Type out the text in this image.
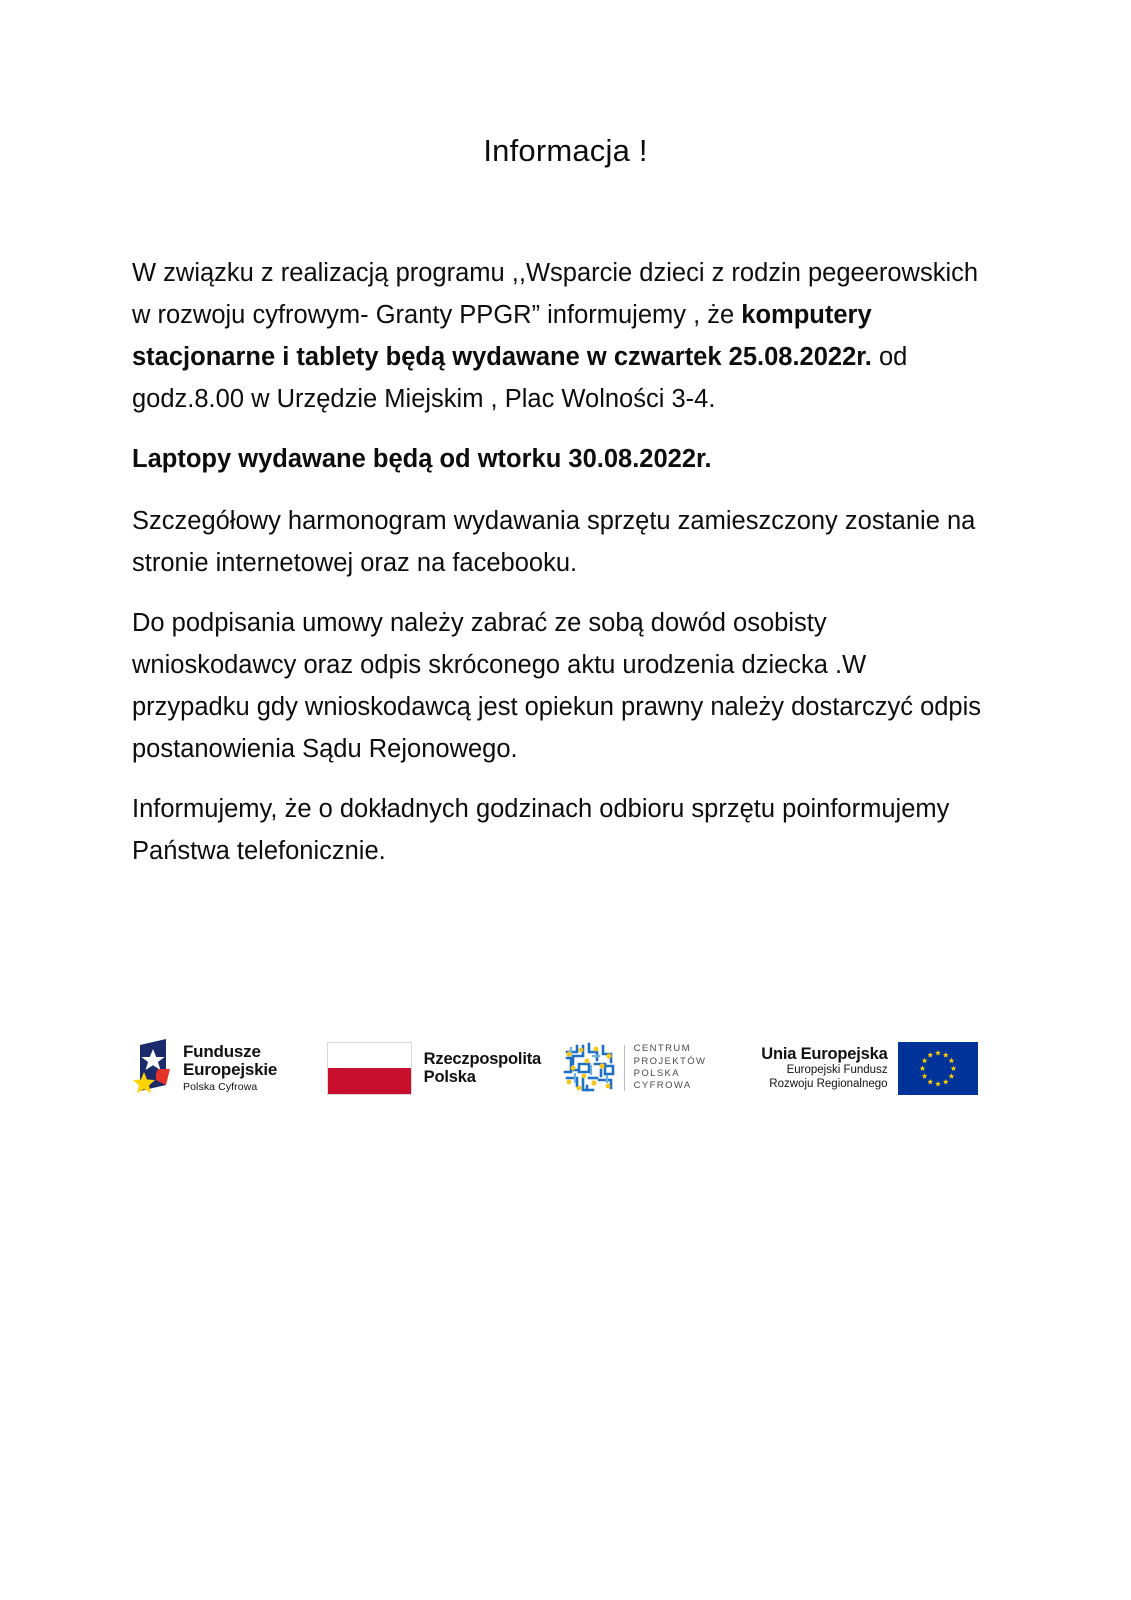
Informacja !

W związku z realizacją programu ,,Wsparcie dzieci z rodzin pegeerowskich w rozwoju cyfrowym- Granty PPGR” informujemy , że komputery stacjonarne i tablety będą wydawane w czwartek 25.08.2022r. od godz.8.00 w Urzędzie Miejskim , Plac Wolności 3-4.

Laptopy wydawane będą od wtorku 30.08.2022r.

Szczegółowy harmonogram wydawania sprzętu zamieszczony zostanie na stronie internetowej oraz na facebooku.

Do podpisania umowy należy zabrać ze sobą dowód osobisty wnioskodawcy oraz odpis skróconego aktu urodzenia dziecka .W przypadku gdy wnioskodawcą jest opiekun prawny należy dostarczyć odpis postanowienia Sądu Rejonowego.

Informujemy, że o dokładnych godzinach odbioru sprzętu poinformujemy Państwa telefonicznie.

Fundusze
Europejskie
Polska Cyfrowa
Rzeczpospolita
Polska
CENTRUM
PROJEKTÓW
POLSKA
CYFROWA
Unia Europejska
Europejski Fundusz
Rozwoju Regionalnego
